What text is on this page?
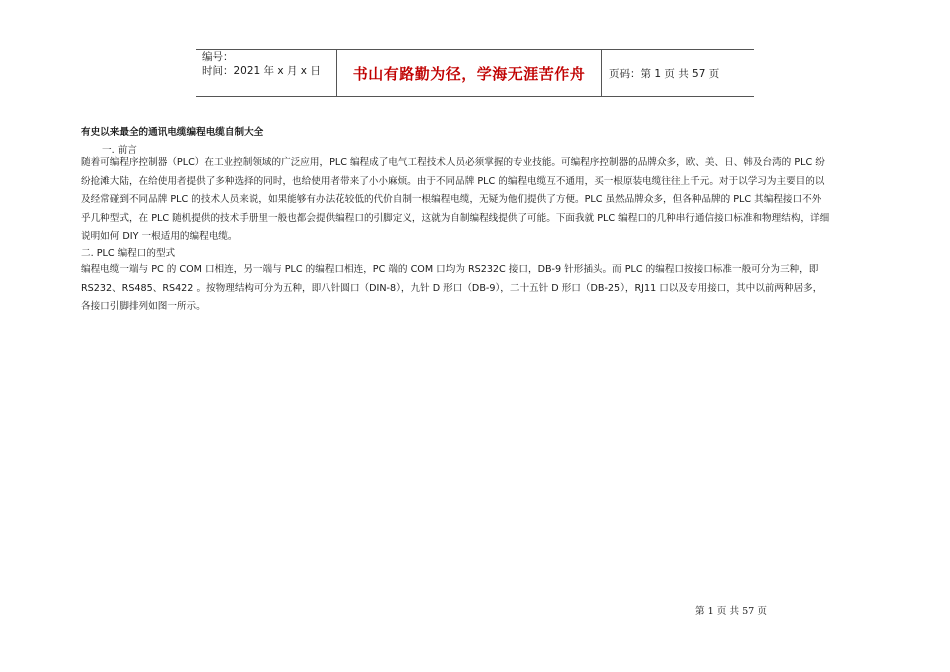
编号：
时间：2021 年 x 月 x 日	书山有路勤为径，学海无涯苦作舟	页码：第 1 页 共 57 页
有史以来最全的通讯电缆编程电缆自制大全
一. 前言
随着可编程序控制器（PLC）在工业控制领域的广泛应用，PLC 编程成了电气工程技术人员必须掌握的专业技能。可编程序控制器的品牌众多，欧、美、日、韩及台湾的 PLC 纷
纷抢滩大陆，在给使用者提供了多种选择的同时，也给使用者带来了小小麻烦。由于不同品牌 PLC 的编程电缆互不通用，买一根原装电缆往往上千元。对于以学习为主要目的以
及经常碰到不同品牌 PLC 的技术人员来说，如果能够有办法花较低的代价自制一根编程电缆，无疑为他们提供了方便。PLC 虽然品牌众多，但各种品牌的 PLC 其编程接口不外
乎几种型式，在 PLC 随机提供的技术手册里一般也都会提供编程口的引脚定义，这就为自制编程线提供了可能。下面我就 PLC 编程口的几种串行通信接口标准和物理结构，详细
说明如何 DIY 一根适用的编程电缆。
二. PLC 编程口的型式
编程电缆一端与 PC 的 COM 口相连，另一端与 PLC 的编程口相连，PC 端的 COM 口均为 RS232C 接口，DB-9 针形插头。而 PLC 的编程口按接口标准一般可分为三种，即
RS232、RS485、RS422 。按物理结构可分为五种，即八针圆口（DIN-8），九针 D 形口（DB-9），二十五针 D 形口（DB-25），RJ11 口以及专用接口，其中以前两种居多，
各接口引脚排列如图一所示。
第 1 页 共 57 页
